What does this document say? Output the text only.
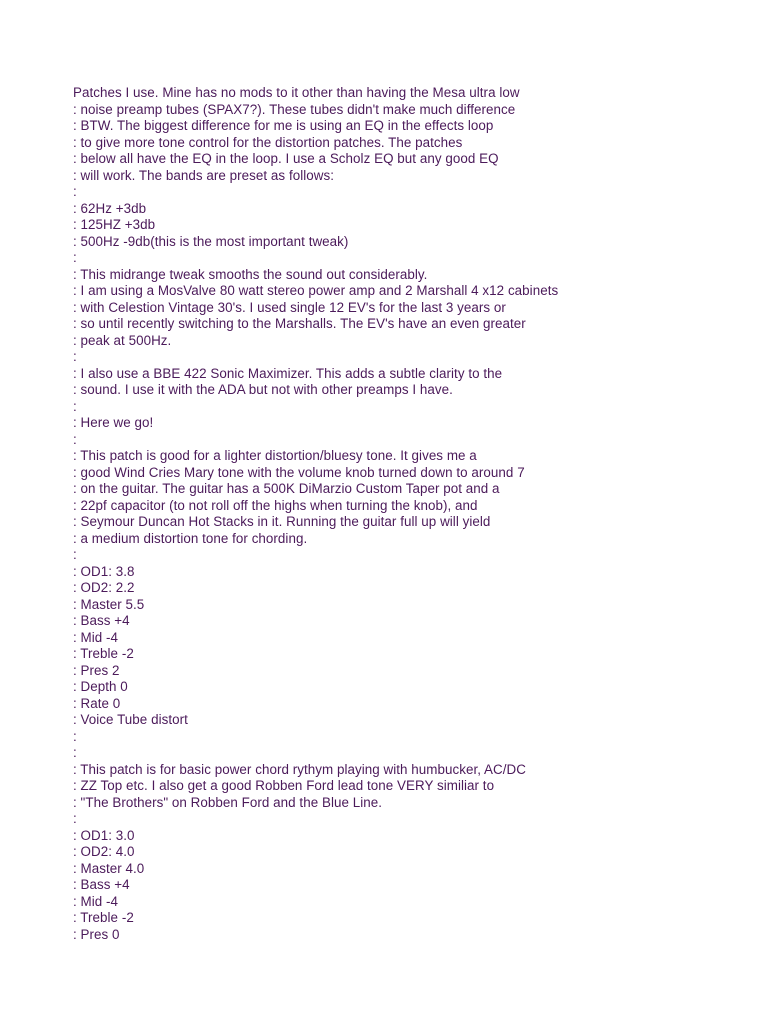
Patches I use. Mine has no mods to it other than having the Mesa ultra low
: noise preamp tubes (SPAX7?). These tubes didn't make much difference
: BTW. The biggest difference for me is using an EQ in the effects loop
: to give more tone control for the distortion patches. The patches
: below all have the EQ in the loop. I use a Scholz EQ but any good EQ
: will work. The bands are preset as follows:
:
: 62Hz +3db
: 125HZ +3db
: 500Hz -9db(this is the most important tweak)
:
: This midrange tweak smooths the sound out considerably.
: I am using a MosValve 80 watt stereo power amp and 2 Marshall 4 x12 cabinets
: with Celestion Vintage 30's. I used single 12 EV's for the last 3 years or
: so until recently switching to the Marshalls. The EV's have an even greater
: peak at 500Hz.
:
: I also use a BBE 422 Sonic Maximizer. This adds a subtle clarity to the
: sound. I use it with the ADA but not with other preamps I have.
:
: Here we go!
:
: This patch is good for a lighter distortion/bluesy tone. It gives me a
: good Wind Cries Mary tone with the volume knob turned down to around 7
: on the guitar. The guitar has a 500K DiMarzio Custom Taper pot and a
: 22pf capacitor (to not roll off the highs when turning the knob), and
: Seymour Duncan Hot Stacks in it. Running the guitar full up will yield
: a medium distortion tone for chording.
:
: OD1: 3.8
: OD2: 2.2
: Master 5.5
: Bass +4
: Mid -4
: Treble -2
: Pres 2
: Depth 0
: Rate 0
: Voice Tube distort
:
:
: This patch is for basic power chord rythym playing with humbucker, AC/DC
: ZZ Top etc. I also get a good Robben Ford lead tone VERY similiar to
: "The Brothers" on Robben Ford and the Blue Line.
:
: OD1: 3.0
: OD2: 4.0
: Master 4.0
: Bass +4
: Mid -4
: Treble -2
: Pres 0
